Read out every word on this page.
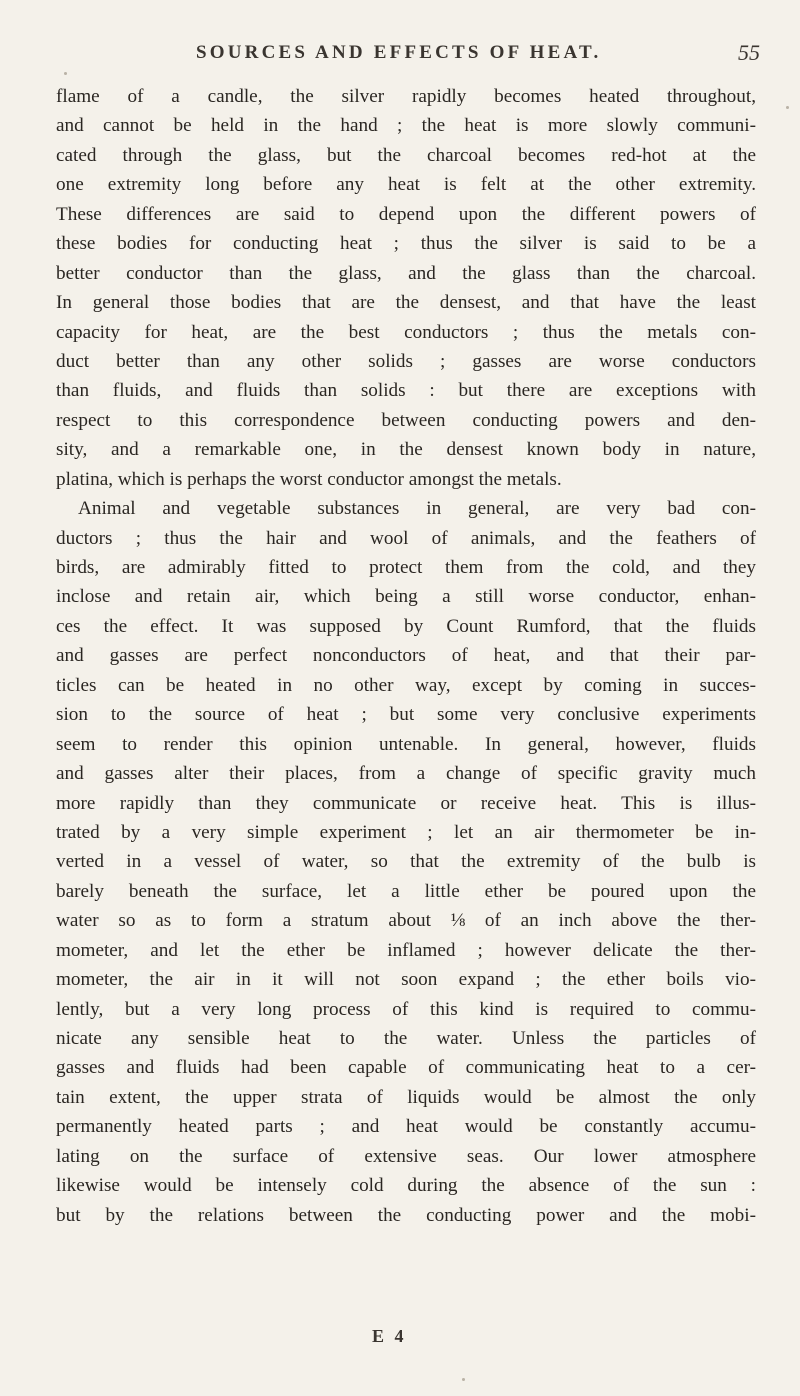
SOURCES AND EFFECTS OF HEAT.	55
flame of a candle, the silver rapidly becomes heated throughout,
and cannot be held in the hand ; the heat is more slowly communi-
cated through the glass, but the charcoal becomes red-hot at the
one extremity long before any heat is felt at the other extremity.
These differences are said to depend upon the different powers of
these bodies for conducting heat ; thus the silver is said to be a
better conductor than the glass, and the glass than the charcoal.
In general those bodies that are the densest, and that have the least
capacity for heat, are the best conductors ; thus the metals con-
duct better than any other solids ; gasses are worse conductors
than fluids, and fluids than solids : but there are exceptions with
respect to this correspondence between conducting powers and den-
sity, and a remarkable one, in the densest known body in nature,
platina, which is perhaps the worst conductor amongst the metals.
Animal and vegetable substances in general, are very bad con-
ductors ; thus the hair and wool of animals, and the feathers of
birds, are admirably fitted to protect them from the cold, and they
inclose and retain air, which being a still worse conductor, enhan-
ces the effect. It was supposed by Count Rumford, that the fluids
and gasses are perfect nonconductors of heat, and that their par-
ticles can be heated in no other way, except by coming in succes-
sion to the source of heat ; but some very conclusive experiments
seem to render this opinion untenable. In general, however, fluids
and gasses alter their places, from a change of specific gravity much
more rapidly than they communicate or receive heat. This is illus-
trated by a very simple experiment ; let an air thermometer be in-
verted in a vessel of water, so that the extremity of the bulb is
barely beneath the surface, let a little ether be poured upon the
water so as to form a stratum about ⅛ of an inch above the ther-
mometer, and let the ether be inflamed ; however delicate the ther-
mometer, the air in it will not soon expand ; the ether boils vio-
lently, but a very long process of this kind is required to commu-
nicate any sensible heat to the water. Unless the particles of
gasses and fluids had been capable of communicating heat to a cer-
tain extent, the upper strata of liquids would be almost the only
permanently heated parts ; and heat would be constantly accumu-
lating on the surface of extensive seas. Our lower atmosphere
likewise would be intensely cold during the absence of the sun :
but by the relations between the conducting power and the mobi-
E 4
